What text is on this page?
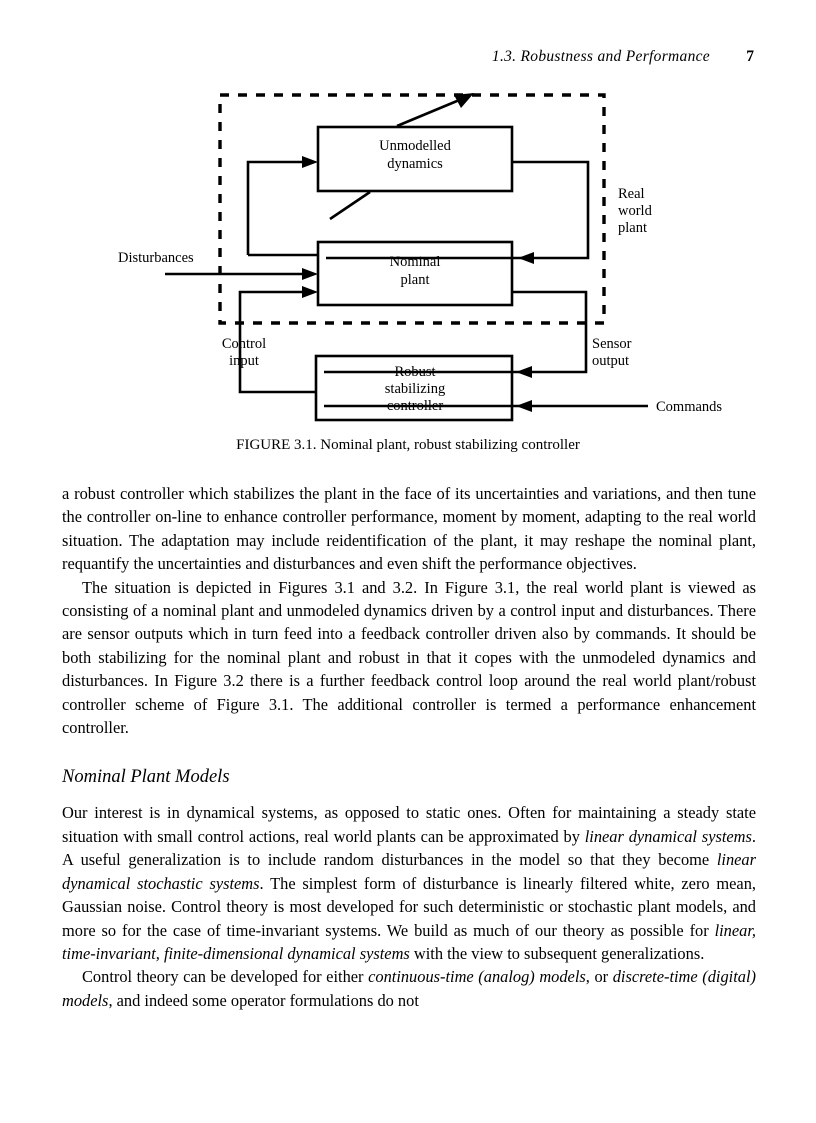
1.3. Robustness and Performance	7
Unmodelled
dynamics
Nominal
plant
Robust
stabilizing
controller
Real
world
plant
Disturbances
Control
input
Sensor
output
Commands
FIGURE 3.1. Nominal plant, robust stabilizing controller

a robust controller which stabilizes the plant in the face of its uncertainties and variations, and then tune the controller on-line to enhance controller performance, moment by moment, adapting to the real world situation. The adaptation may include reidentification of the plant, it may reshape the nominal plant, requantify the uncertainties and disturbances and even shift the performance objectives.

The situation is depicted in Figures 3.1 and 3.2. In Figure 3.1, the real world plant is viewed as consisting of a nominal plant and unmodeled dynamics driven by a control input and disturbances. There are sensor outputs which in turn feed into a feedback controller driven also by commands. It should be both stabilizing for the nominal plant and robust in that it copes with the unmodeled dynamics and disturbances. In Figure 3.2 there is a further feedback control loop around the real world plant/robust controller scheme of Figure 3.1. The additional controller is termed a performance enhancement controller.

Nominal Plant Models

Our interest is in dynamical systems, as opposed to static ones. Often for maintaining a steady state situation with small control actions, real world plants can be approximated by linear dynamical systems. A useful generalization is to include random disturbances in the model so that they become linear dynamical stochastic systems. The simplest form of disturbance is linearly filtered white, zero mean, Gaussian noise. Control theory is most developed for such deterministic or stochastic plant models, and more so for the case of time-invariant systems. We build as much of our theory as possible for linear, time-invariant, finite-dimensional dynamical systems with the view to subsequent generalizations.

Control theory can be developed for either continuous-time (analog) models, or discrete-time (digital) models, and indeed some operator formulations do not
